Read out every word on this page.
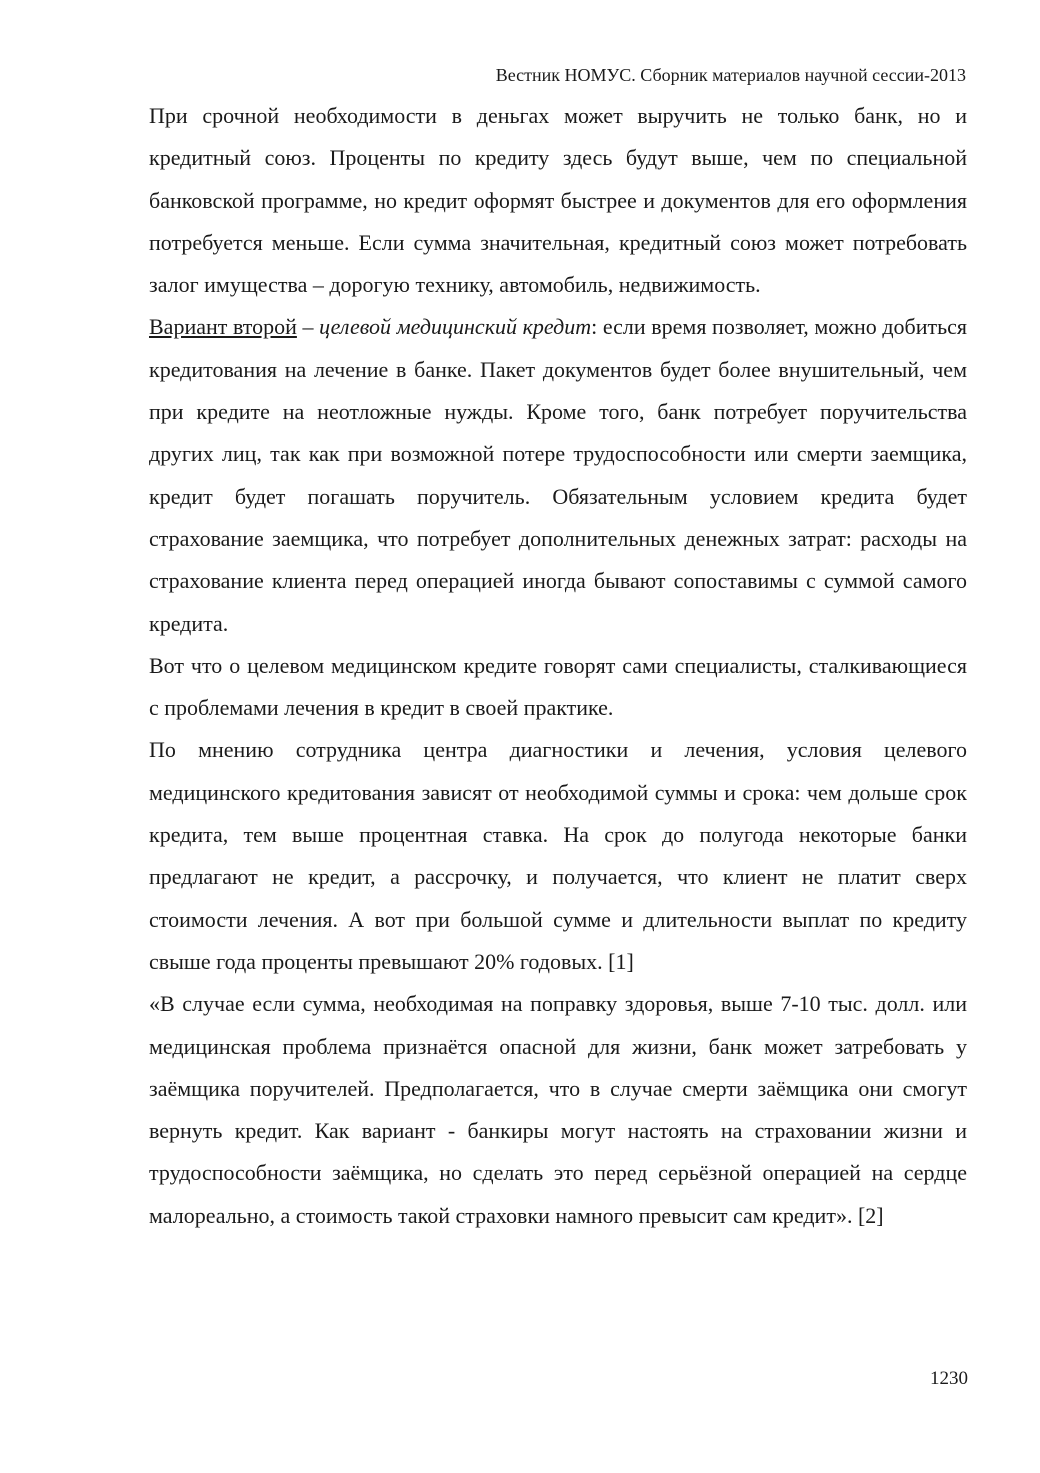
Вестник НОМУС. Сборник материалов научной сессии-2013

При срочной необходимости в деньгах может выручить не только банк, но и кредитный союз. Проценты по кредиту здесь будут выше, чем по специальной банковской программе, но кредит оформят быстрее и документов для его оформления потребуется меньше. Если сумма значительная, кредитный союз может потребовать залог имущества – дорогую технику, автомобиль, недвижимость.

Вариант второй – целевой медицинский кредит: если время позволяет, можно добиться кредитования на лечение в банке. Пакет документов будет более внушительный, чем при кредите на неотложные нужды. Кроме того, банк потребует поручительства других лиц, так как при возможной потере трудоспособности или смерти заемщика, кредит будет погашать поручитель. Обязательным условием кредита будет страхование заемщика, что потребует дополнительных денежных затрат: расходы на страхование клиента перед операцией иногда бывают сопоставимы с суммой самого кредита.

Вот что о целевом медицинском кредите говорят сами специалисты, сталкивающиеся с проблемами лечения в кредит в своей практике.

По мнению сотрудника центра диагностики и лечения, условия целевого медицинского кредитования зависят от необходимой суммы и срока: чем дольше срок кредита, тем выше процентная ставка. На срок до полугода некоторые банки предлагают не кредит, а рассрочку, и получается, что клиент не платит сверх стоимости лечения. А вот при большой сумме и длительности выплат по кредиту свыше года проценты превышают 20% годовых. [1]

«В случае если сумма, необходимая на поправку здоровья, выше 7-10 тыс. долл. или медицинская проблема признаётся опасной для жизни, банк может затребовать у заёмщика поручителей. Предполагается, что в случае смерти заёмщика они смогут вернуть кредит. Как вариант - банкиры могут настоять на страховании жизни и трудоспособности заёмщика, но сделать это перед серьёзной операцией на сердце малореально, а стоимость такой страховки намного превысит сам кредит». [2]

1230
